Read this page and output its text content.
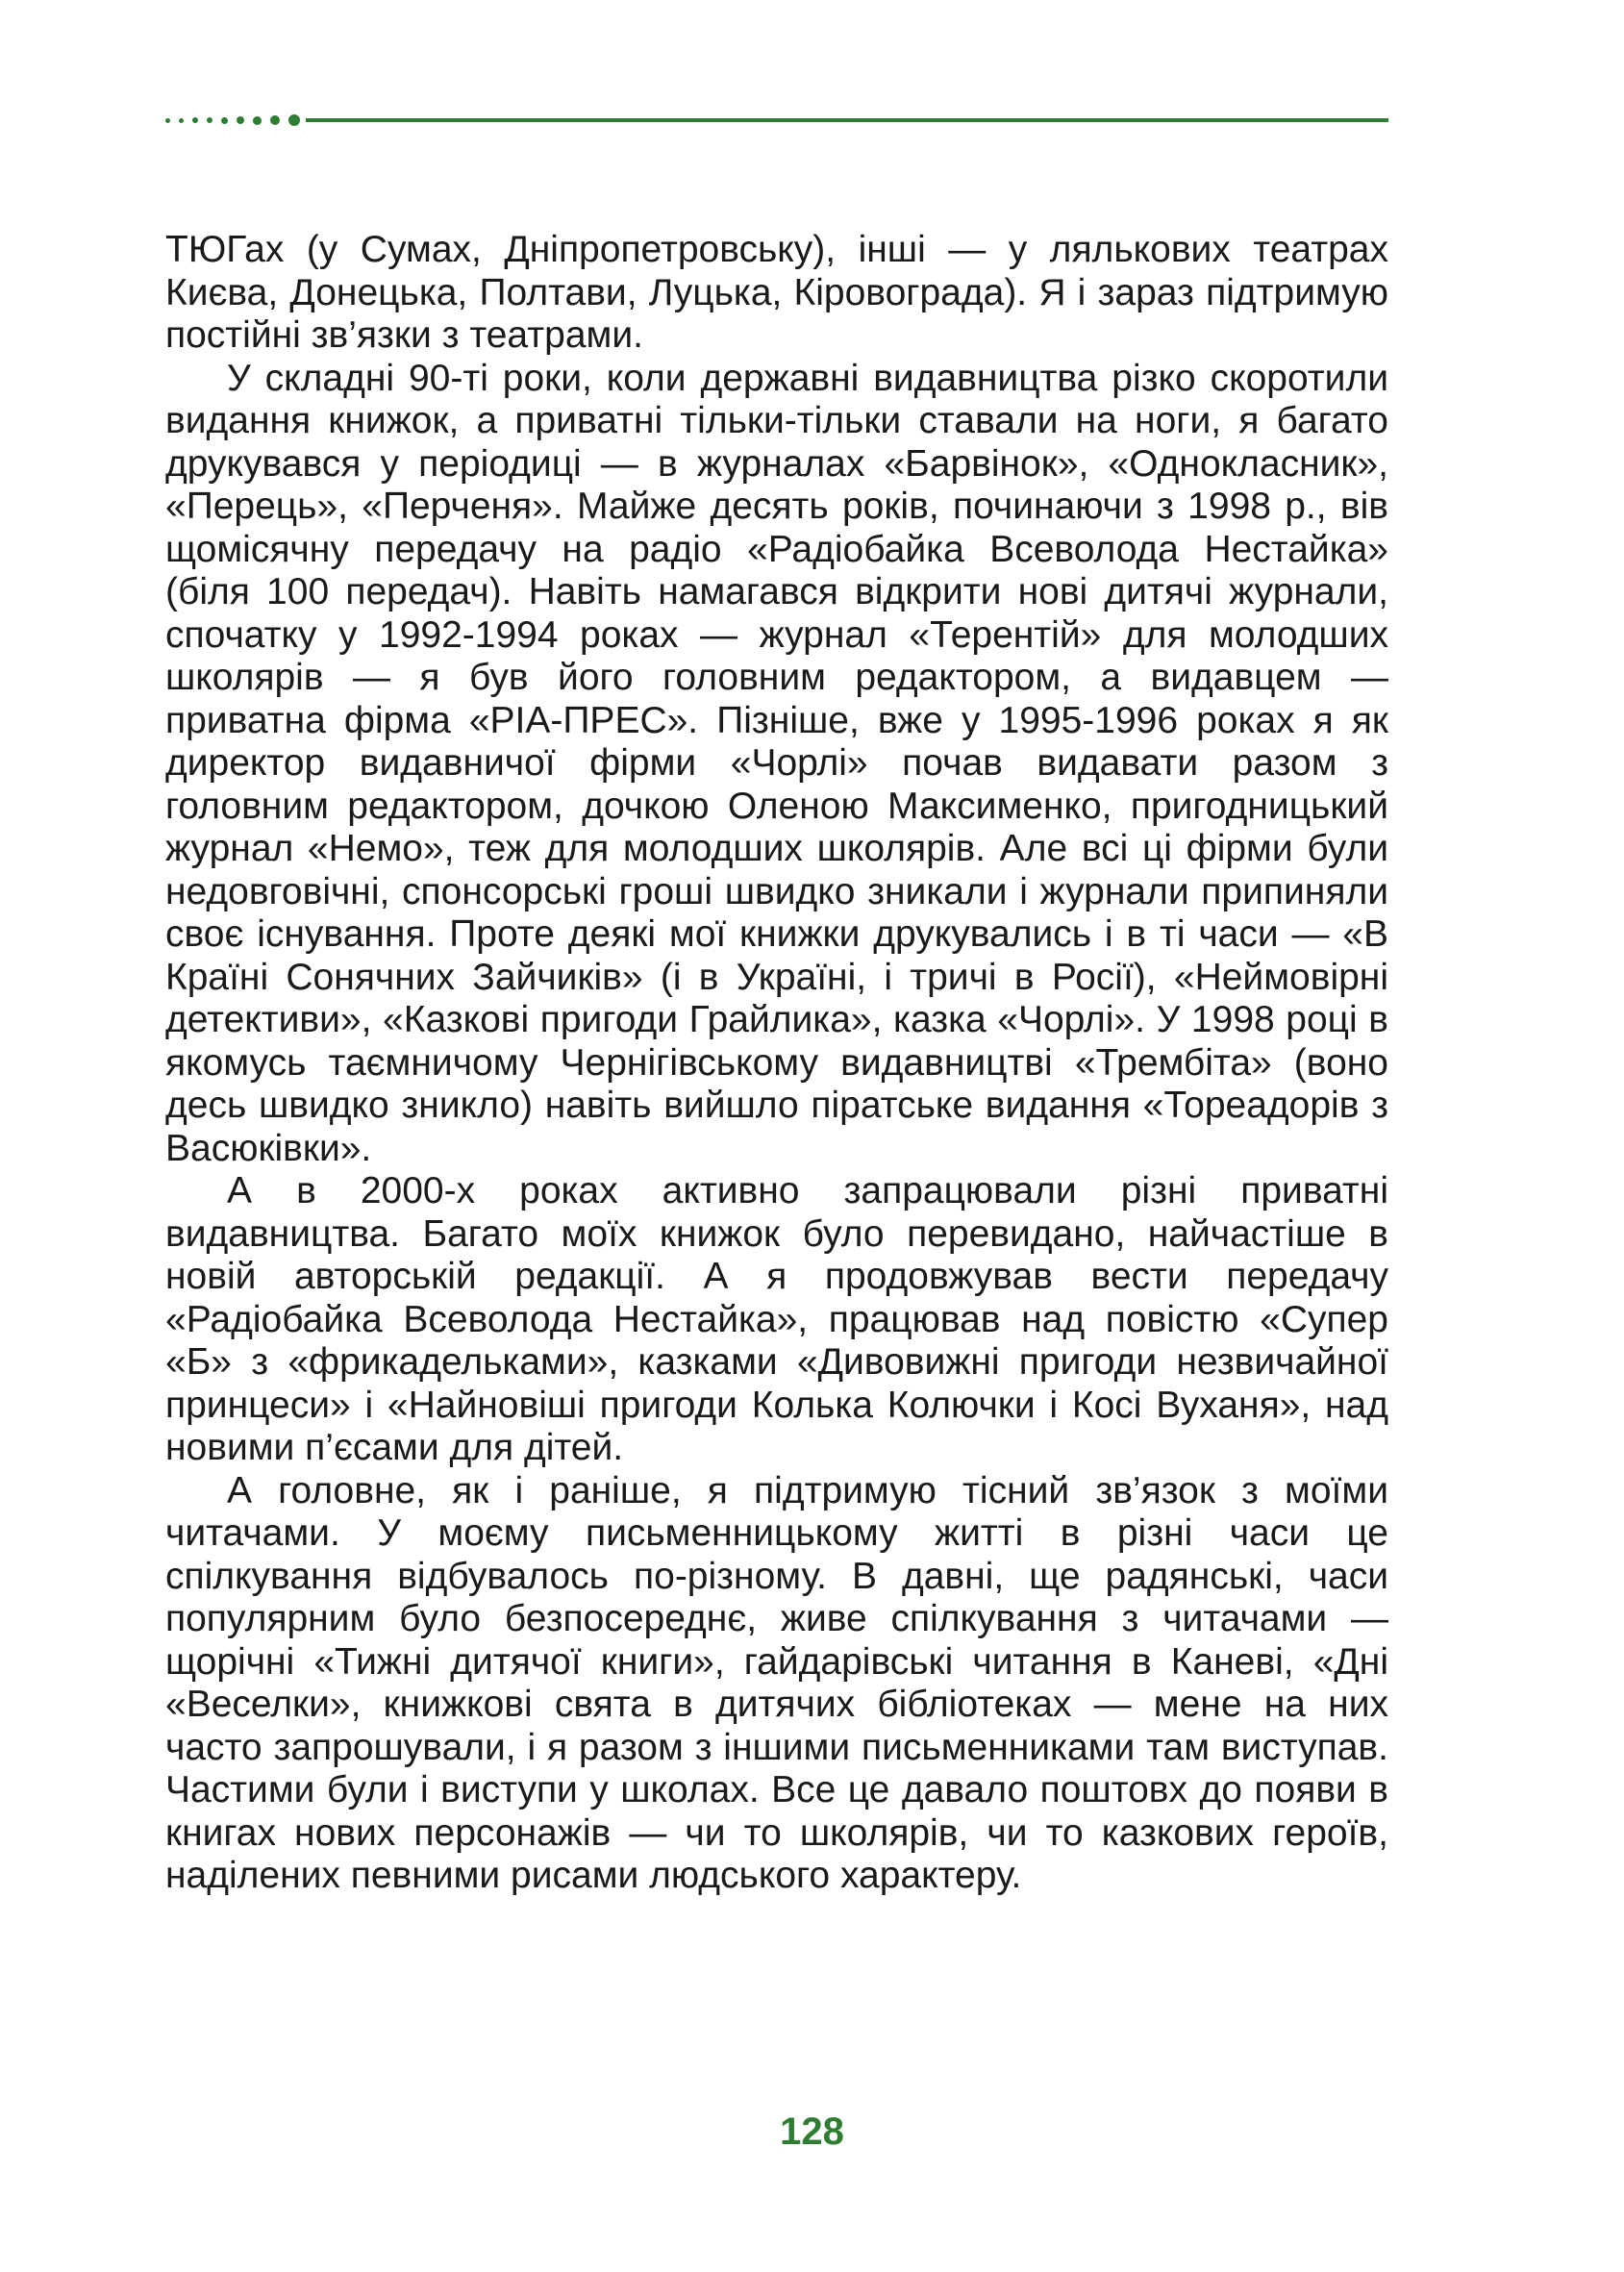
ТЮГах (у Сумах, Дніпропетровську), інші — у лялькових театрах Києва, Донецька, Полтави, Луцька, Кіровограда). Я і зараз підтримую постійні зв’язки з театрами.

У складні 90-ті роки, коли державні видавництва різко скоротили видання книжок, а приватні тільки-тільки ставали на ноги, я багато друкувався у періодиці — в журналах «Барвінок», «Однокласник», «Перець», «Перченя». Майже десять років, починаючи з 1998 р., вів щомісячну передачу на радіо «Радіобайка Всеволода Нестайка» (біля 100 передач). Навіть намагався відкрити нові дитячі журнали, спочатку у 1992-1994 роках — журнал «Терентій» для молодших школярів — я був його головним редактором, а видавцем — приватна фірма «РІА-ПРЕС». Пізніше, вже у 1995-1996 роках я як директор видавничої фірми «Чорлі» почав видавати разом з головним редактором, дочкою Оленою Максименко, пригодницький журнал «Немо», теж для молодших школярів. Але всі ці фірми були недовговічні, спонсорські гроші швидко зникали і журнали припиняли своє існування. Проте деякі мої книжки друкувались і в ті часи — «В Країні Сонячних Зайчиків» (і в Україні, і тричі в Росії), «Неймовірні детективи», «Казкові пригоди Грайлика», казка «Чорлі». У 1998 році в якомусь таємничому Чернігівському видавництві «Трембіта» (воно десь швидко зникло) навіть вийшло піратське видання «Тореадорів з Васюківки».

А в 2000-х роках активно запрацювали різні приватні видавництва. Багато моїх книжок було перевидано, найчастіше в новій авторській редакції. А я продовжував вести передачу «Радіобайка Всеволода Нестайка», працював над повістю «Супер «Б» з «фрикадельками», казками «Дивовижні пригоди незвичайної принцеси» і «Найновіші пригоди Колька Колючки і Косі Вуханя», над новими п’єсами для дітей.

А головне, як і раніше, я підтримую тісний зв’язок з моїми читачами. У моєму письменницькому житті в різні часи це спілкування відбувалось по-різному. В давні, ще радянські, часи популярним було безпосереднє, живе спілкування з читачами — щорічні «Тижні дитячої книги», гайдарівські читання в Каневі, «Дні «Веселки», книжкові свята в дитячих бібліотеках — мене на них часто запрошували, і я разом з іншими письменниками там виступав. Частими були і виступи у школах. Все це давало поштовх до появи в книгах нових персонажів — чи то школярів, чи то казкових героїв, наділених певними рисами людського характеру.

128
